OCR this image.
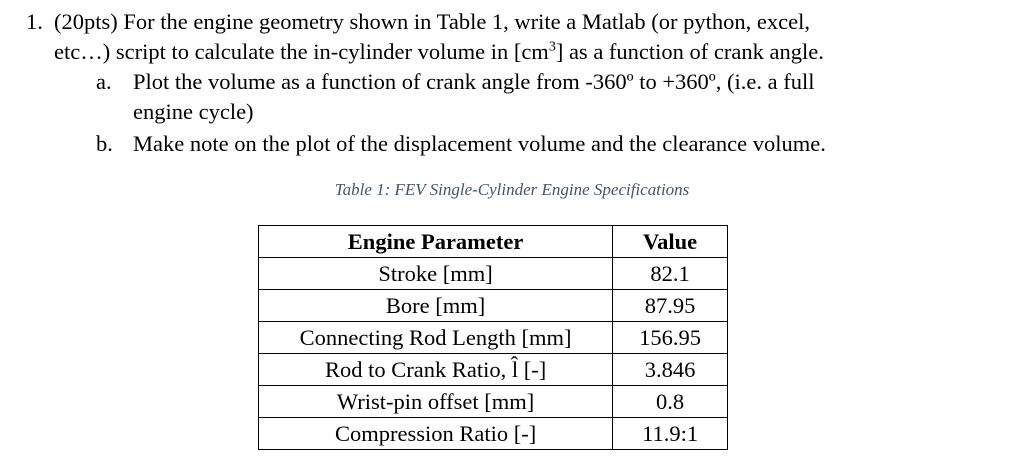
1. (20pts) For the engine geometry shown in Table 1, write a Matlab (or python, excel,
etc…) script to calculate the in-cylinder volume in $[cm^3]$ as a function of crank angle.
a. Plot the volume as a function of crank angle from -360º to +360º, (i.e. a full
engine cycle)
b. Make note on the plot of the displacement volume and the clearance volume.
Table 1: FEV Single-Cylinder Engine Specifications
Engine Parameter	Value
Stroke [mm]	82.1
Bore [mm]	87.95
Connecting Rod Length [mm]	156.95
Rod to Crank Ratio, l̂ [-]	3.846
Wrist-pin offset [mm]	0.8
Compression Ratio [-]	11.9:1
